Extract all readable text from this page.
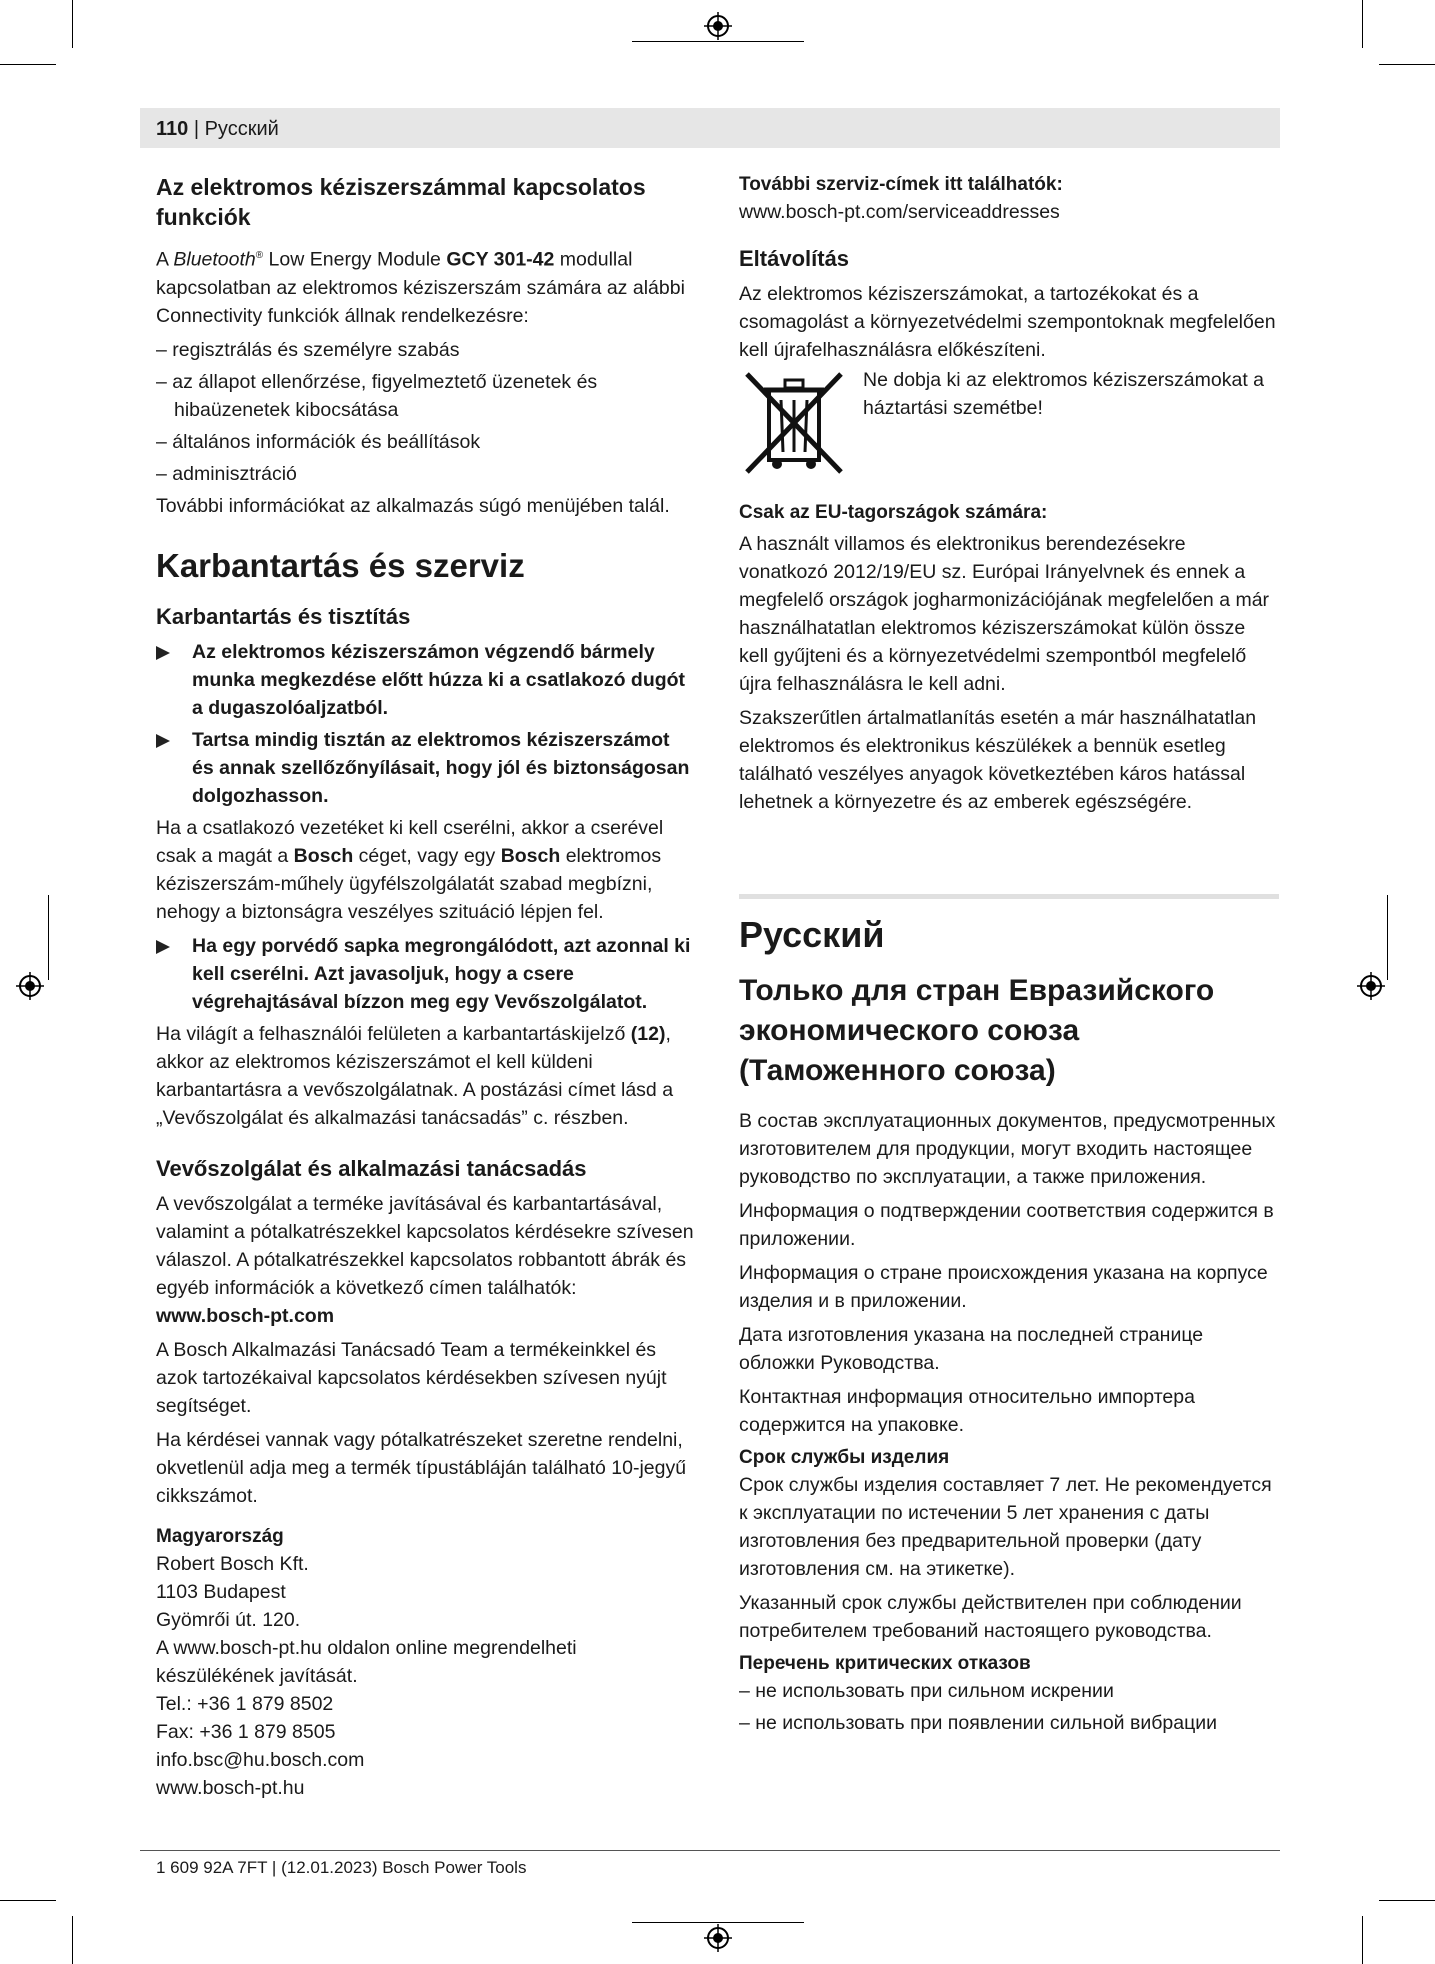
110 | Русский
Az elektromos kéziszerszámmal kapcsolatos funkciók

A Bluetooth® Low Energy Module GCY 301-42 modullal kapcsolatban az elektromos kéziszerszám számára az alábbi Connectivity funkciók állnak rendelkezésre:

– regisztrálás és személyre szabás
– az állapot ellenőrzése, figyelmeztető üzenetek és hibaüzenetek kibocsátása
– általános információk és beállítások
– adminisztráció

További információkat az alkalmazás súgó menüjében talál.

Karbantartás és szerviz
Karbantartás és tisztítás
Az elektromos kéziszerszámon végzendő bármely munka megkezdése előtt húzza ki a csatlakozó dugót a dugaszolóaljzatból.
Tartsa mindig tisztán az elektromos kéziszerszámot és annak szellőzőnyílásait, hogy jól és biztonságosan dolgozhasson.

Ha a csatlakozó vezetéket ki kell cserélni, akkor a cserével csak a magát a Bosch céget, vagy egy Bosch elektromos kéziszerszám-műhely ügyfélszolgálatát szabad megbízni, nehogy a biztonságra veszélyes szituáció lépjen fel.

Ha egy porvédő sapka megrongálódott, azt azonnal ki kell cserélni. Azt javasoljuk, hogy a csere végrehajtásával bízzon meg egy Vevőszolgálatot.

Ha világít a felhasználói felületen a karbantartáskijelző (12), akkor az elektromos kéziszerszámot el kell küldeni karbantartásra a vevőszolgálatnak. A postázási címet lásd a „Vevőszolgálat és alkalmazási tanácsadás” c. részben.

Vevőszolgálat és alkalmazási tanácsadás

A vevőszolgálat a terméke javításával és karbantartásával, valamint a pótalkatrészekkel kapcsolatos kérdésekre szívesen válaszol. A pótalkatrészekkel kapcsolatos robbantott ábrák és egyéb információk a következő címen találhatók:

www.bosch-pt.com

A Bosch Alkalmazási Tanácsadó Team a termékeinkkel és azok tartozékaival kapcsolatos kérdésekben szívesen nyújt segítséget.

Ha kérdései vannak vagy pótalkatrészeket szeretne rendelni, okvetlenül adja meg a termék típustábláján található 10-jegyű cikkszámot.

Magyarország
Robert Bosch Kft.
1103 Budapest
Gyömrői út. 120.
A www.bosch-pt.hu oldalon online megrendelheti készülékének javítását.
Tel.: +36 1 879 8502
Fax: +36 1 879 8505
info.bsc@hu.bosch.com
www.bosch-pt.hu
További szerviz-címek itt találhatók:

www.bosch-pt.com/serviceaddresses

Eltávolítás

Az elektromos kéziszerszámokat, a tartozékokat és a csomagolást a környezetvédelmi szempontoknak megfelelően kell újrafelhasználásra előkészíteni.

Ne dobja ki az elektromos kéziszerszámokat a háztartási szemétbe!

Csak az EU-tagországok számára:

A használt villamos és elektronikus berendezésekre vonatkozó 2012/19/EU sz. Európai Irányelvnek és ennek a megfelelő országok jogharmonizációjának megfelelően a már használhatatlan elektromos kéziszerszámokat külön össze kell gyűjteni és a környezetvédelmi szempontból megfelelő újra felhasználásra le kell adni.

Szakszerűtlen ártalmatlanítás esetén a már használhatatlan elektromos és elektronikus készülékek a bennük esetleg található veszélyes anyagok következtében káros hatással lehetnek a környezetre és az emberek egészségére.

Русский
Только для стран Евразийского экономического союза (Таможенного союза)

В состав эксплуатационных документов, предусмотренных изготовителем для продукции, могут входить настоящее руководство по эксплуатации, а также приложения.

Информация о подтверждении соответствия содержится в приложении.

Информация о стране происхождения указана на корпусе изделия и в приложении.

Дата изготовления указана на последней странице обложки Руководства.

Контактная информация относительно импортера содержится на упаковке.

Срок службы изделия

Срок службы изделия составляет 7 лет. Не рекомендуется к эксплуатации по истечении 5 лет хранения с даты изготовления без предварительной проверки (дату изготовления см. на этикетке).

Указанный срок службы действителен при соблюдении потребителем требований настоящего руководства.

Перечень критических отказов
– не использовать при сильном искрении
– не использовать при появлении сильной вибрации
1 609 92A 7FT | (12.01.2023) Bosch Power Tools
